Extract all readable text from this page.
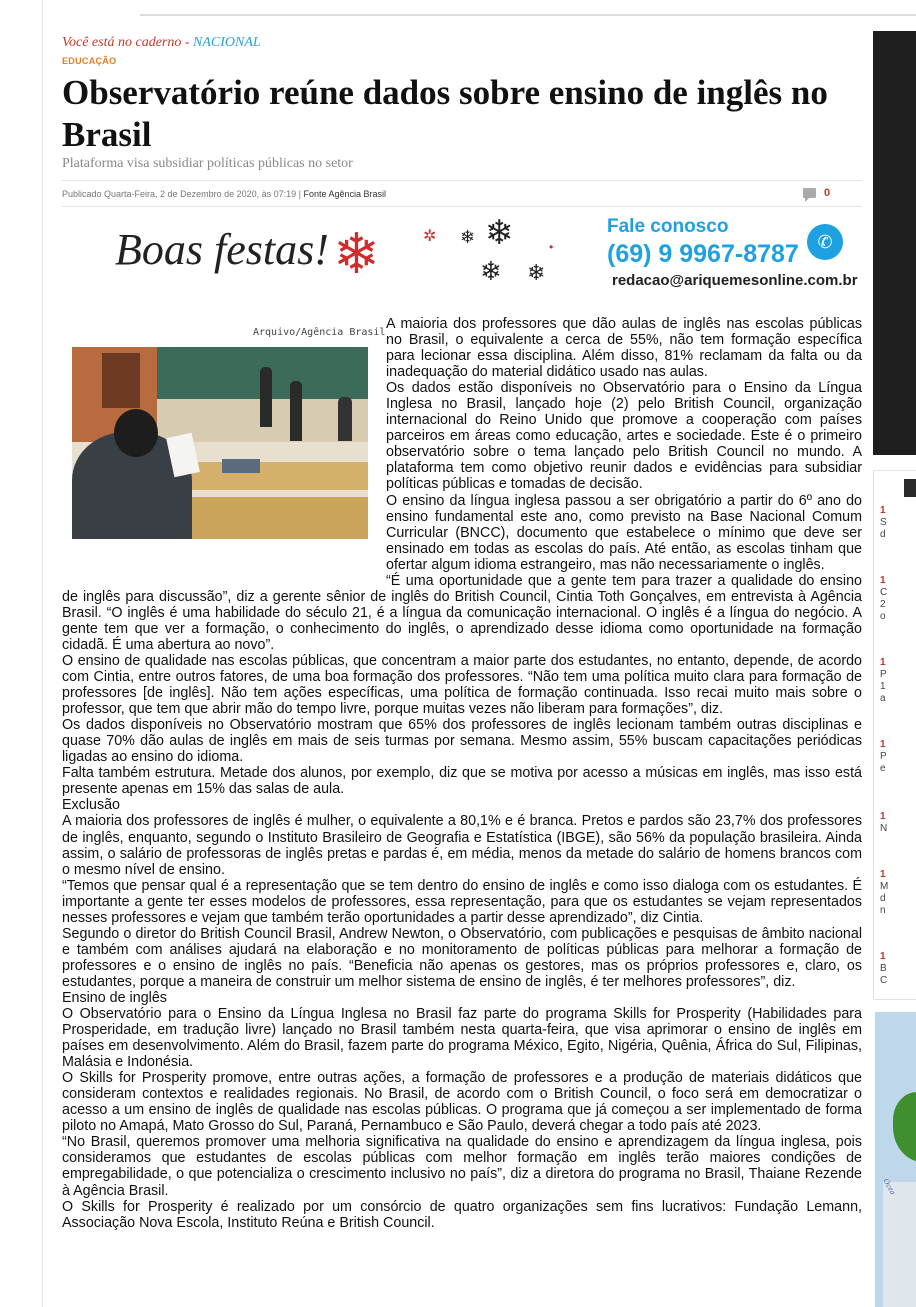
1
S
d
1
C
2
o
1
P
1
a
1
P
e
1
N
1
M
d
n
1
B
C
Ocea
Você está no caderno - NACIONAL
EDUCAÇÃO
Observatório reúne dados sobre ensino de inglês no Brasil
Plataforma visa subsidiar políticas públicas no setor
Publicado Quarta-Feira, 2 de Dezembro de 2020, às 07:19 | Fonte Agência Brasil	0
Boas festas! ❄	✲ ❄ ❄
❄ ❄
•
Fale conosco
(69) 9 9967-8787	✆
redacao@ariquemesonline.com.br
Arquivo/Agência Brasil

A maioria dos professores que dão aulas de inglês nas escolas públicas no Brasil, o equivalente a cerca de 55%, não tem formação específica para lecionar essa disciplina. Além disso, 81% reclamam da falta ou da inadequação do material didático usado nas aulas.

Os dados estão disponíveis no Observatório para o Ensino da Língua Inglesa no Brasil, lançado hoje (2) pelo British Council, organização internacional do Reino Unido que promove a cooperação com países parceiros em áreas como educação, artes e sociedade. Este é o primeiro observatório sobre o tema lançado pelo British Council no mundo. A plataforma tem como objetivo reunir dados e evidências para subsidiar políticas públicas e tomadas de decisão.

O ensino da língua inglesa passou a ser obrigatório a partir do 6º ano do ensino fundamental este ano, como previsto na Base Nacional Comum Curricular (BNCC), documento que estabelece o mínimo que deve ser ensinado em todas as escolas do país. Até então, as escolas tinham que ofertar algum idioma estrangeiro, mas não necessariamente o inglês.

“É uma oportunidade que a gente tem para trazer a qualidade do ensino de inglês para discussão”, diz a gerente sênior de inglês do British Council, Cintia Toth Gonçalves, em entrevista à Agência Brasil. “O inglês é uma habilidade do século 21, é a língua da comunicação internacional. O inglês é a língua do negócio. A gente tem que ver a formação, o conhecimento do inglês, o aprendizado desse idioma como oportunidade na formação cidadã. É uma abertura ao novo”.

O ensino de qualidade nas escolas públicas, que concentram a maior parte dos estudantes, no entanto, depende, de acordo com Cintia, entre outros fatores, de uma boa formação dos professores. “Não tem uma política muito clara para formação de professores [de inglês]. Não tem ações específicas, uma política de formação continuada. Isso recai muito mais sobre o professor, que tem que abrir mão do tempo livre, porque muitas vezes não liberam para formações”, diz.

Os dados disponíveis no Observatório mostram que 65% dos professores de inglês lecionam também outras disciplinas e quase 70% dão aulas de inglês em mais de seis turmas por semana. Mesmo assim, 55% buscam capacitações periódicas ligadas ao ensino do idioma.

Falta também estrutura. Metade dos alunos, por exemplo, diz que se motiva por acesso a músicas em inglês, mas isso está presente apenas em 15% das salas de aula.

Exclusão

A maioria dos professores de inglês é mulher, o equivalente a 80,1% e é branca. Pretos e pardos são 23,7% dos professores de inglês, enquanto, segundo o Instituto Brasileiro de Geografia e Estatística (IBGE), são 56% da população brasileira. Ainda assim, o salário de professoras de inglês pretas e pardas é, em média, menos da metade do salário de homens brancos com o mesmo nível de ensino.

“Temos que pensar qual é a representação que se tem dentro do ensino de inglês e como isso dialoga com os estudantes. É importante a gente ter esses modelos de professores, essa representação, para que os estudantes se vejam representados nesses professores e vejam que também terão oportunidades a partir desse aprendizado”, diz Cintia.

Segundo o diretor do British Council Brasil, Andrew Newton, o Observatório, com publicações e pesquisas de âmbito nacional e também com análises ajudará na elaboração e no monitoramento de políticas públicas para melhorar a formação de professores e o ensino de inglês no país. “Beneficia não apenas os gestores, mas os próprios professores e, claro, os estudantes, porque a maneira de construir um melhor sistema de ensino de inglês, é ter melhores professores”, diz.

Ensino de inglês

O Observatório para o Ensino da Língua Inglesa no Brasil faz parte do programa Skills for Prosperity (Habilidades para Prosperidade, em tradução livre) lançado no Brasil também nesta quarta-feira, que visa aprimorar o ensino de inglês em países em desenvolvimento. Além do Brasil, fazem parte do programa México, Egito, Nigéria, Quênia, África do Sul, Filipinas, Malásia e Indonésia.

O Skills for Prosperity promove, entre outras ações, a formação de professores e a produção de materiais didáticos que consideram contextos e realidades regionais. No Brasil, de acordo com o British Council, o foco será em democratizar o acesso a um ensino de inglês de qualidade nas escolas públicas. O programa que já começou a ser implementado de forma piloto no Amapá, Mato Grosso do Sul, Paraná, Pernambuco e São Paulo, deverá chegar a todo país até 2023.

“No Brasil, queremos promover uma melhoria significativa na qualidade do ensino e aprendizagem da língua inglesa, pois consideramos que estudantes de escolas públicas com melhor formação em inglês terão maiores condições de empregabilidade, o que potencializa o crescimento inclusivo no país”, diz a diretora do programa no Brasil, Thaiane Rezende à Agência Brasil.

O Skills for Prosperity é realizado por um consórcio de quatro organizações sem fins lucrativos: Fundação Lemann, Associação Nova Escola, Instituto Reúna e British Council.
